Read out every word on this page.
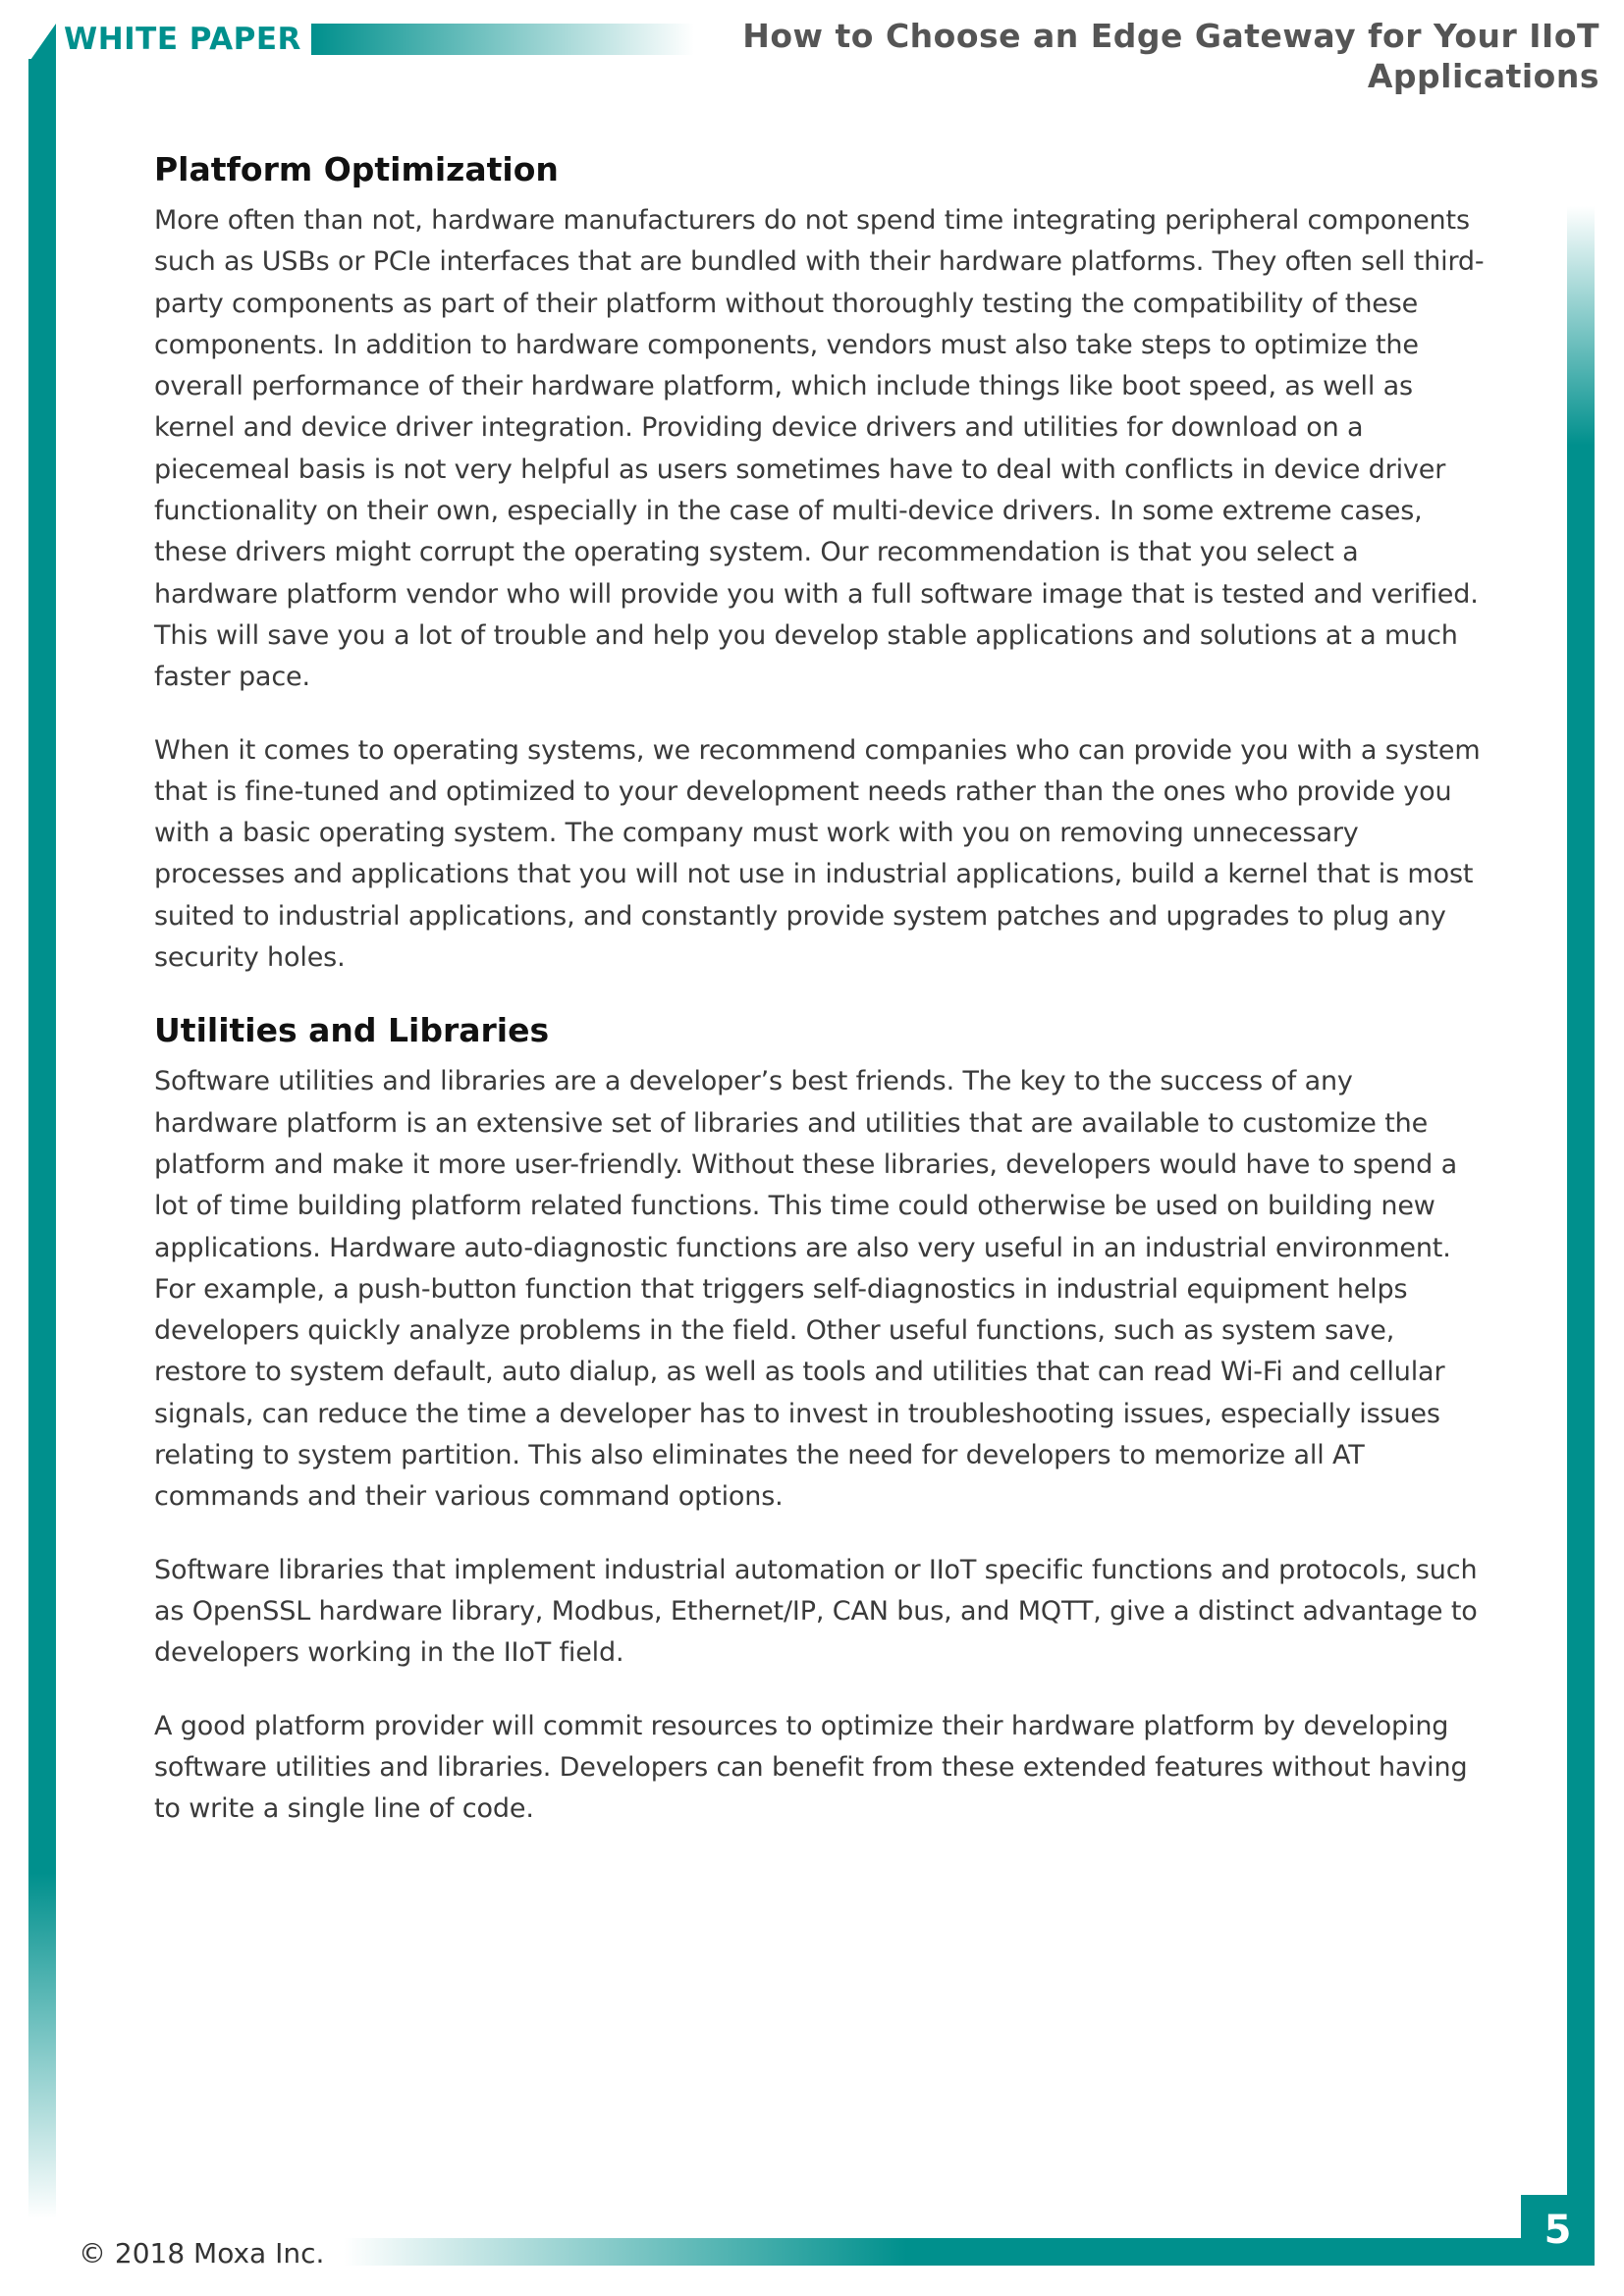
WHITE PAPER	How to Choose an Edge Gateway for Your IIoT
Applications
Platform Optimization

More often than not, hardware manufacturers do not spend time integrating peripheral components such as USBs or PCIe interfaces that are bundled with their hardware platforms. They often sell third-party components as part of their platform without thoroughly testing the compatibility of these components. In addition to hardware components, vendors must also take steps to optimize the overall performance of their hardware platform, which include things like boot speed, as well as kernel and device driver integration. Providing device drivers and utilities for download on a piecemeal basis is not very helpful as users sometimes have to deal with conflicts in device driver functionality on their own, especially in the case of multi-device drivers. In some extreme cases, these drivers might corrupt the operating system. Our recommendation is that you select a hardware platform vendor who will provide you with a full software image that is tested and verified. This will save you a lot of trouble and help you develop stable applications and solutions at a much faster pace.

When it comes to operating systems, we recommend companies who can provide you with a system that is fine-tuned and optimized to your development needs rather than the ones who provide you with a basic operating system. The company must work with you on removing unnecessary processes and applications that you will not use in industrial applications, build a kernel that is most suited to industrial applications, and constantly provide system patches and upgrades to plug any security holes.

Utilities and Libraries

Software utilities and libraries are a developer’s best friends. The key to the success of any hardware platform is an extensive set of libraries and utilities that are available to customize the platform and make it more user-friendly. Without these libraries, developers would have to spend a lot of time building platform related functions. This time could otherwise be used on building new applications. Hardware auto-diagnostic functions are also very useful in an industrial environment. For example, a push-button function that triggers self-diagnostics in industrial equipment helps developers quickly analyze problems in the field. Other useful functions, such as system save, restore to system default, auto dialup, as well as tools and utilities that can read Wi-Fi and cellular signals, can reduce the time a developer has to invest in troubleshooting issues, especially issues relating to system partition. This also eliminates the need for developers to memorize all AT commands and their various command options.

Software libraries that implement industrial automation or IIoT specific functions and protocols, such as OpenSSL hardware library, Modbus, Ethernet/IP, CAN bus, and MQTT, give a distinct advantage to developers working in the IIoT field.

A good platform provider will commit resources to optimize their hardware platform by developing software utilities and libraries. Developers can benefit from these extended features without having to write a single line of code.

© 2018 Moxa Inc.
5
